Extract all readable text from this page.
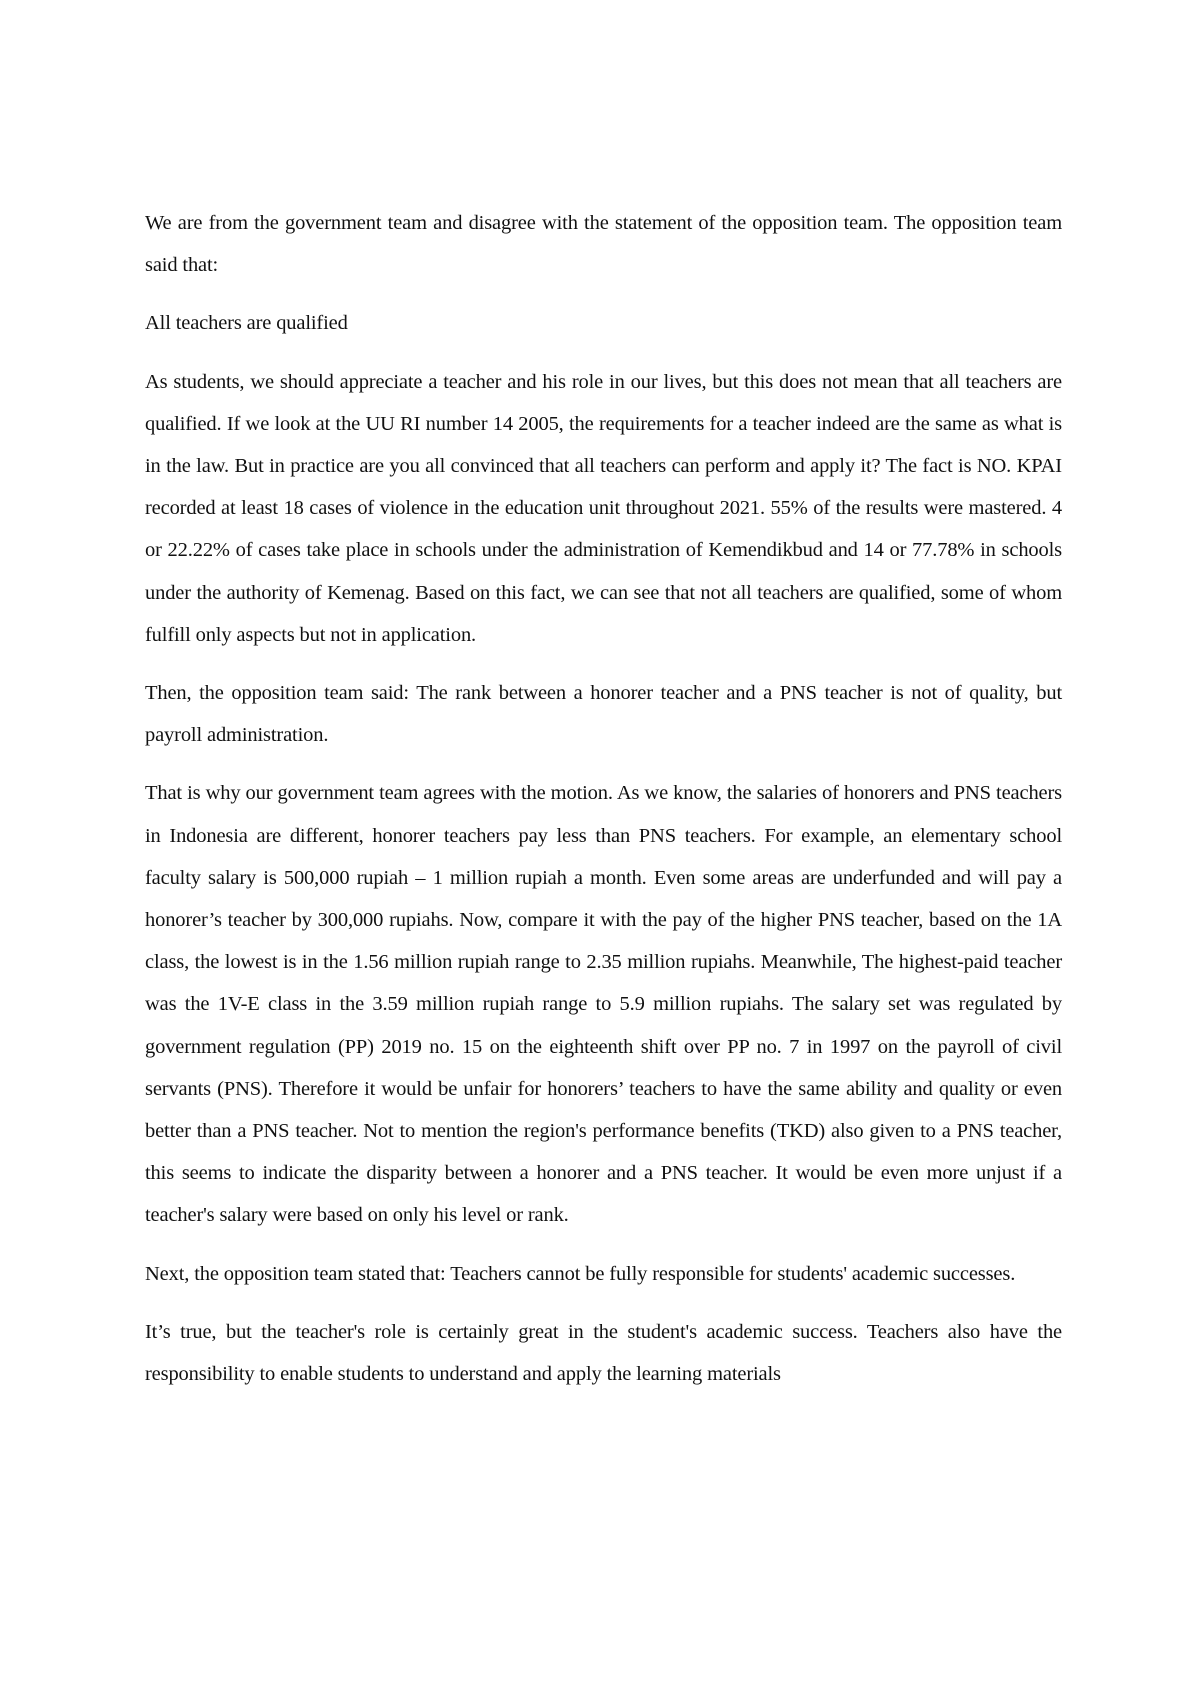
We are from the government team and disagree with the statement of the opposition team. The opposition team said that:

All teachers are qualified

As students, we should appreciate a teacher and his role in our lives, but this does not mean that all teachers are qualified. If we look at the UU RI number 14 2005, the requirements for a teacher indeed are the same as what is in the law. But in practice are you all convinced that all teachers can perform and apply it? The fact is NO. KPAI recorded at least 18 cases of violence in the education unit throughout 2021. 55% of the results were mastered. 4 or 22.22% of cases take place in schools under the administration of Kemendikbud and 14 or 77.78% in schools under the authority of Kemenag. Based on this fact, we can see that not all teachers are qualified, some of whom fulfill only aspects but not in application.

Then, the opposition team said: The rank between a honorer teacher and a PNS teacher is not of quality, but payroll administration.

That is why our government team agrees with the motion. As we know, the salaries of honorers and PNS teachers in Indonesia are different, honorer teachers pay less than PNS teachers. For example, an elementary school faculty salary is 500,000 rupiah – 1 million rupiah a month. Even some areas are underfunded and will pay a honorer’s teacher by 300,000 rupiahs. Now, compare it with the pay of the higher PNS teacher, based on the 1A class, the lowest is in the 1.56 million rupiah range to 2.35 million rupiahs. Meanwhile, The highest-paid teacher was the 1V-E class in the 3.59 million rupiah range to 5.9 million rupiahs. The salary set was regulated by government regulation (PP) 2019 no. 15 on the eighteenth shift over PP no. 7 in 1997 on the payroll of civil servants (PNS). Therefore it would be unfair for honorers’ teachers to have the same ability and quality or even better than a PNS teacher. Not to mention the region's performance benefits (TKD) also given to a PNS teacher, this seems to indicate the disparity between a honorer and a PNS teacher. It would be even more unjust if a teacher's salary were based on only his level or rank.

Next, the opposition team stated that: Teachers cannot be fully responsible for students' academic successes.

It’s true, but the teacher's role is certainly great in the student's academic success. Teachers also have the responsibility to enable students to understand and apply the learning materials
